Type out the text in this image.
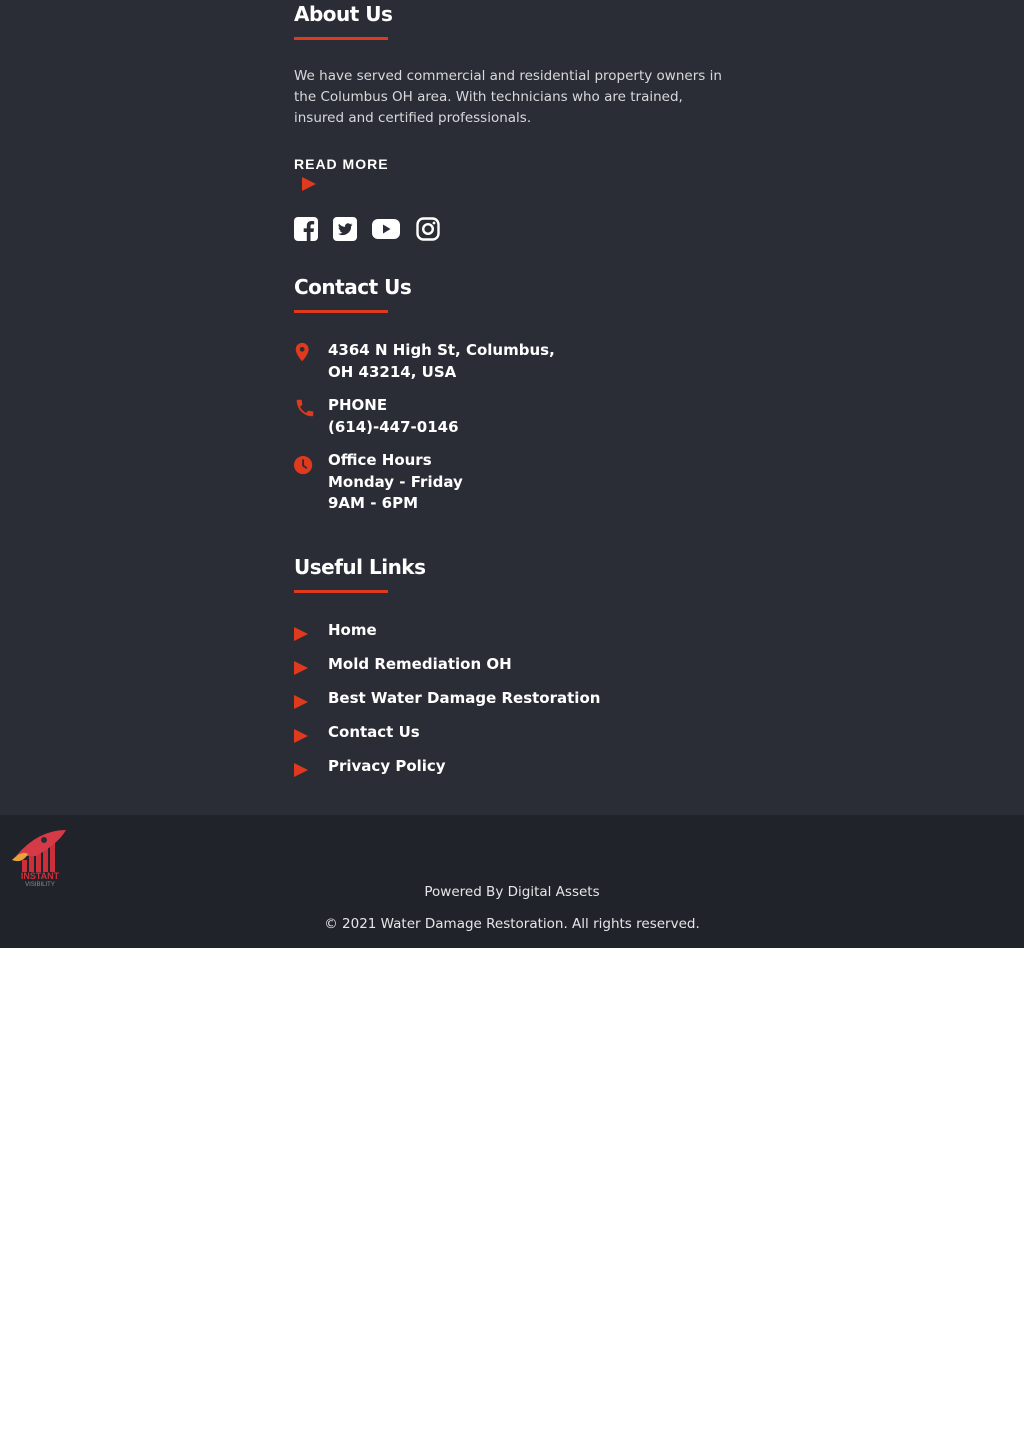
About Us
We have served commercial and residential property owners in the Columbus OH area. With technicians who are trained, insured and certified professionals.
READ MORE
Contact Us
4364 N High St, Columbus,
OH 43214, USA
PHONE
(614)-447-0146
Office Hours
Monday - Friday
9AM - 6PM
Useful Links
Home
Mold Remediation OH
Best Water Damage Restoration
Contact Us
Privacy Policy
INSTANT
VISIBILITY	Powered By Digital Assets
© 2021 Water Damage Restoration. All rights reserved.
